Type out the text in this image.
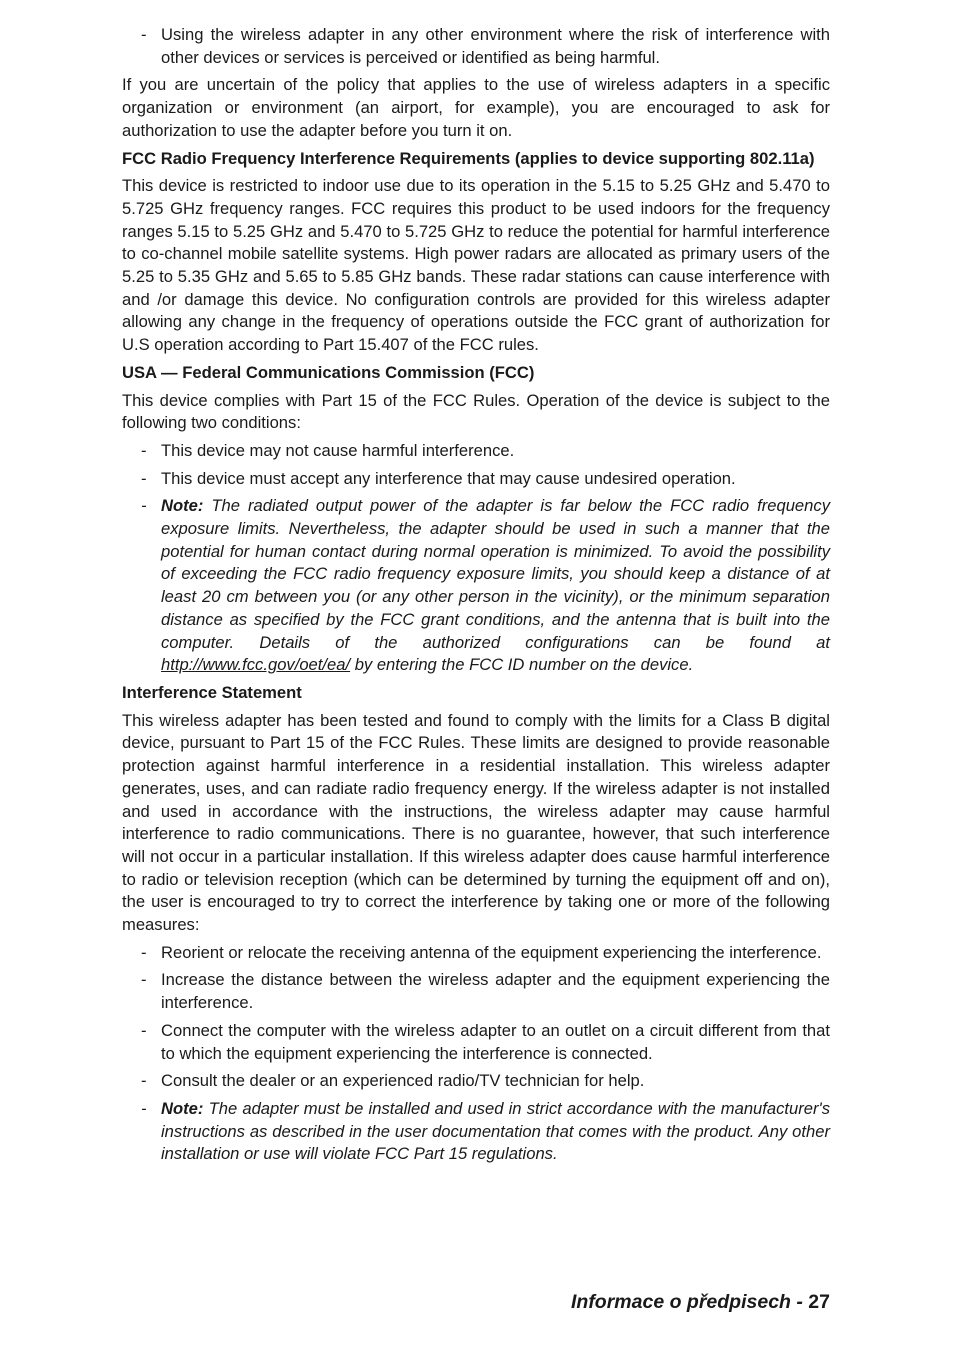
- Using the wireless adapter in any other environment where the risk of interference with other devices or services is perceived or identified as being harmful.

If you are uncertain of the policy that applies to the use of wireless adapters in a specific organization or environment (an airport, for example), you are encouraged to ask for authorization to use the adapter before you turn it on.

FCC Radio Frequency Interference Requirements (applies to device supporting 802.11a)

This device is restricted to indoor use due to its operation in the 5.15 to 5.25 GHz and 5.470 to 5.725 GHz frequency ranges. FCC requires this product to be used indoors for the frequency ranges 5.15 to 5.25 GHz and 5.470 to 5.725 GHz to reduce the potential for harmful interference to co-channel mobile satellite systems. High power radars are allocated as primary users of the 5.25 to 5.35 GHz and 5.65 to 5.85 GHz bands. These radar stations can cause interference with and /or damage this device. No configuration controls are provided for this wireless adapter allowing any change in the frequency of operations outside the FCC grant of authorization for U.S operation according to Part 15.407 of the FCC rules.

USA — Federal Communications Commission (FCC)

This device complies with Part 15 of the FCC Rules. Operation of the device is subject to the following two conditions:

- This device may not cause harmful interference.
- This device must accept any interference that may cause undesired operation.
- Note: The radiated output power of the adapter is far below the FCC radio frequency exposure limits. Nevertheless, the adapter should be used in such a manner that the potential for human contact during normal operation is minimized. To avoid the possibility of exceeding the FCC radio frequency exposure limits, you should keep a distance of at least 20 cm between you (or any other person in the vicinity), or the minimum separation distance as specified by the FCC grant conditions, and the antenna that is built into the computer. Details of the authorized configurations can be found at http://www.fcc.gov/oet/ea/ by entering the FCC ID number on the device.
Interference Statement

This wireless adapter has been tested and found to comply with the limits for a Class B digital device, pursuant to Part 15 of the FCC Rules. These limits are designed to provide reasonable protection against harmful interference in a residential installation. This wireless adapter generates, uses, and can radiate radio frequency energy. If the wireless adapter is not installed and used in accordance with the instructions, the wireless adapter may cause harmful interference to radio communications. There is no guarantee, however, that such interference will not occur in a particular installation. If this wireless adapter does cause harmful interference to radio or television reception (which can be determined by turning the equipment off and on), the user is encouraged to try to correct the interference by taking one or more of the following measures:

- Reorient or relocate the receiving antenna of the equipment experiencing the interference.
- Increase the distance between the wireless adapter and the equipment experiencing the interference.
- Connect the computer with the wireless adapter to an outlet on a circuit different from that to which the equipment experiencing the interference is connected.
- Consult the dealer or an experienced radio/TV technician for help.
- Note: The adapter must be installed and used in strict accordance with the manufacturer's instructions as described in the user documentation that comes with the product. Any other installation or use will violate FCC Part 15 regulations.
Informace o předpisech - 27
